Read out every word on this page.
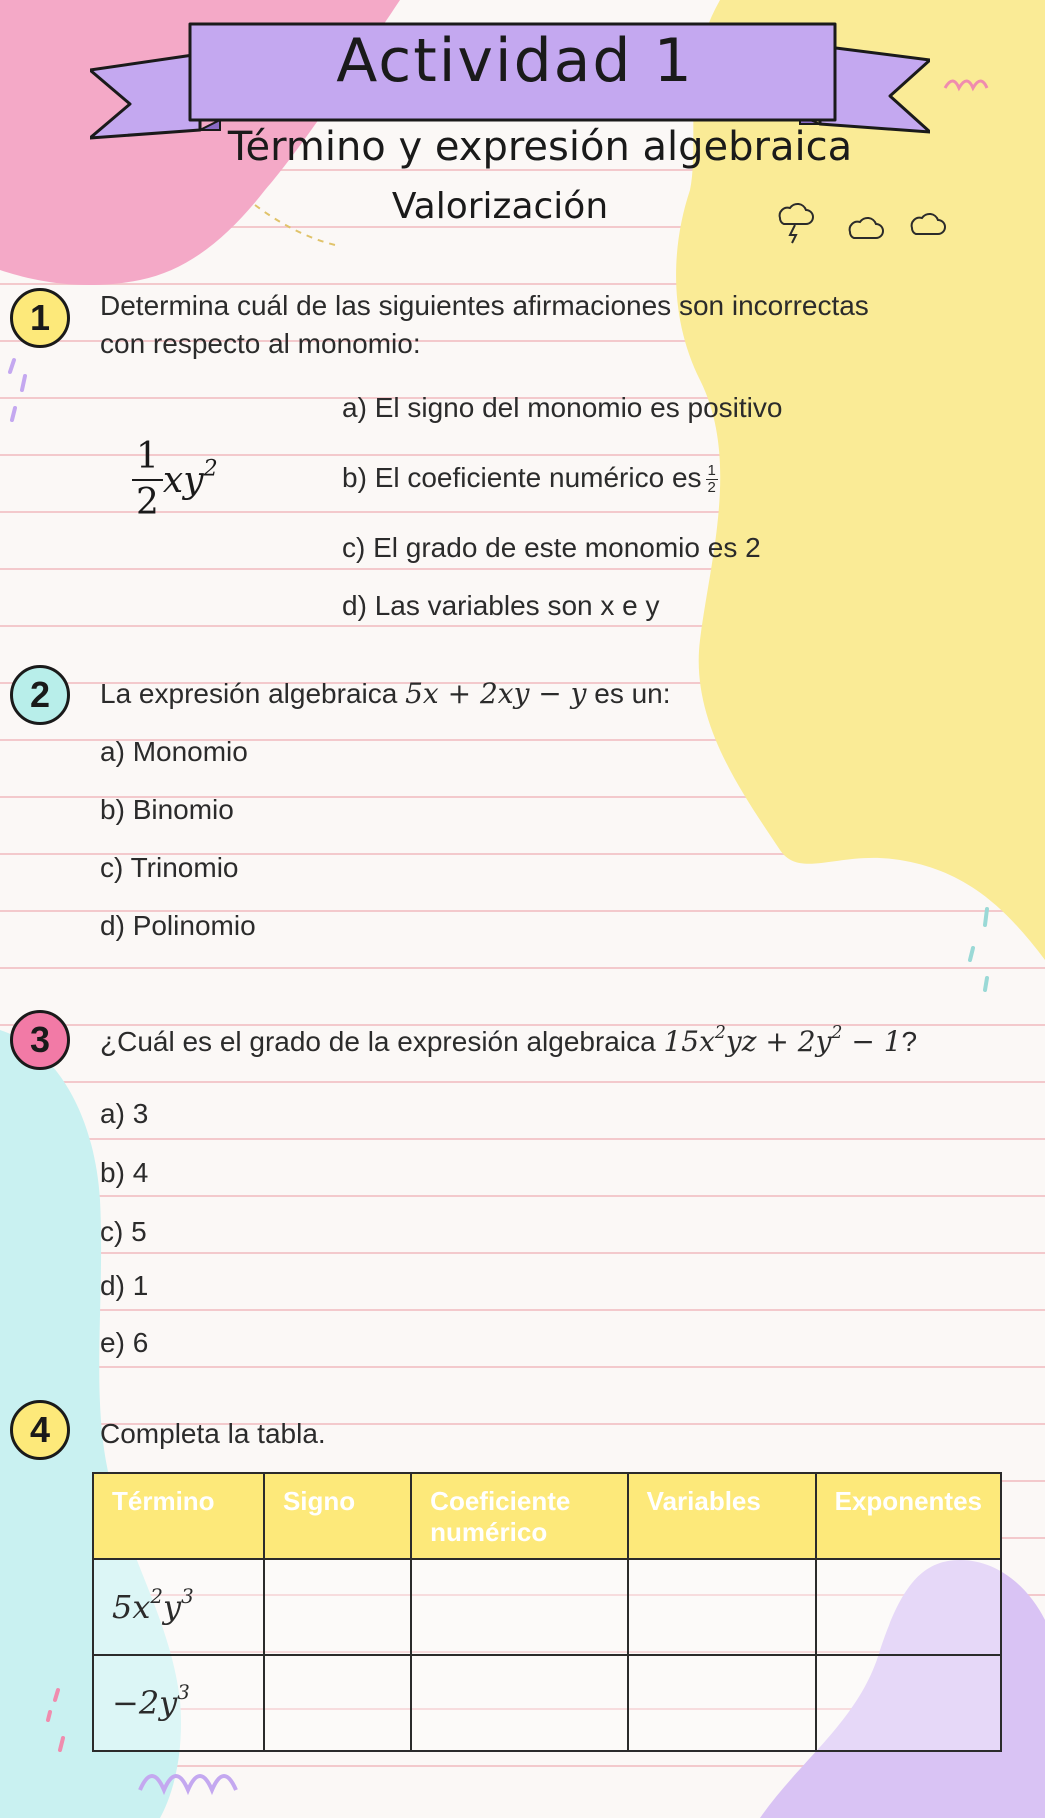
Actividad 1
Término y expresión algebraica
Valorización
1	Determina cuál de las siguientes afirmaciones son incorrectas
con respecto al monomio:
$\frac{1}{2} xy^2$
a) El signo del monomio es positivo
b) El coeficiente numérico es $\frac{1}{2}$
c) El grado de este monomio es 2
d) Las variables son x e y
2	La expresión algebraica 5x + 2xy − y es un:
a) Monomio
b) Binomio
c) Trinomio
d) Polinomio
3	¿Cuál es el grado de la expresión algebraica $15x^2yz + 2y^2 - 1$?
a) 3
b) 4
c) 5
d) 1
e) 6
4	Completa la tabla.
Término	Signo	Coeficiente numérico	Variables	Exponentes
$5x^2y^3$				
$-2y^3$				
